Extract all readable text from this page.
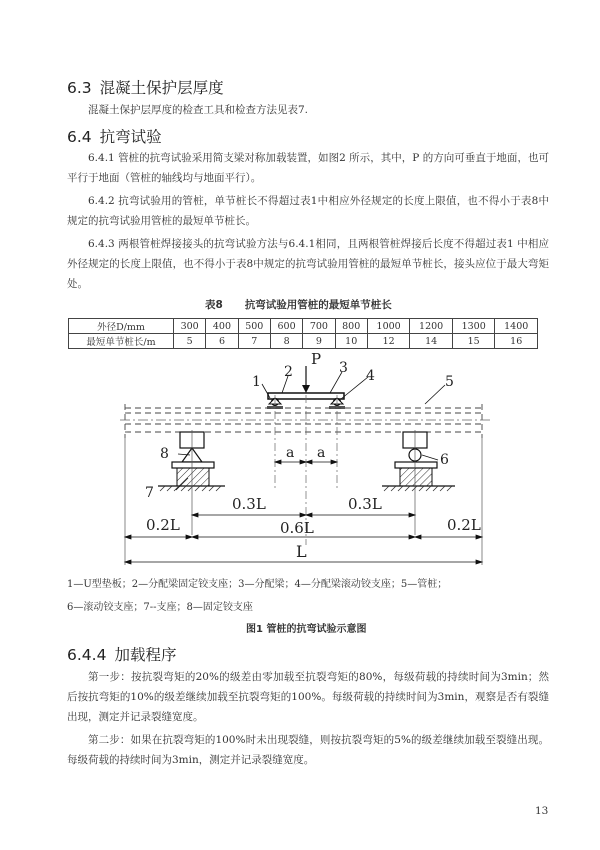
6.3 混凝土保护层厚度
混凝土保护层厚度的检查工具和检查方法见表7.
6.4 抗弯试验
6.4.1 管桩的抗弯试验采用简支梁对称加载装置，如图2 所示，其中，P 的方向可垂直于地面，也可平行于地面（管桩的轴线均与地面平行）。
6.4.2 抗弯试验用的管桩，单节桩长不得超过表1中相应外径规定的长度上限值，也不得小于表8中规定的抗弯试验用管桩的最短单节桩长。
6.4.3 两根管桩焊接接头的抗弯试验方法与6.4.1相同，且两根管桩焊接后长度不得超过表1 中相应外径规定的长度上限值，也不得小于表8中规定的抗弯试验用管桩的最短单节桩长，接头应位于最大弯矩处。
表8 抗弯试验用管桩的最短单节桩长
外径D/mm	300	400	500	600	700	800	1000	1200	1300	1400
最短单节桩长/m	5	6	7	8	9	10	12	14	15	16
P
1
2	3 4	5
6
7
8	a a
0.3L	0.3L
0.6L
0.2L	0.2L
L
1—U型垫板；2—分配梁固定铰支座；3—分配梁；4—分配梁滚动铰支座；5—管桩；
6—滚动铰支座；7--支座；8—固定铰支座
图1 管桩的抗弯试验示意图
6.4.4 加载程序
第一步：按抗裂弯矩的20%的级差由零加载至抗裂弯矩的80%，每级荷载的持续时间为3min；然后按抗弯矩的10%的级差继续加载至抗裂弯矩的100%。每级荷载的持续时间为3min，观察是否有裂缝出现，测定并记录裂缝宽度。
第二步：如果在抗裂弯矩的100%时未出现裂缝，则按抗裂弯矩的5%的级差继续加载至裂缝出现。每级荷载的持续时间为3min，测定并记录裂缝宽度。
13
